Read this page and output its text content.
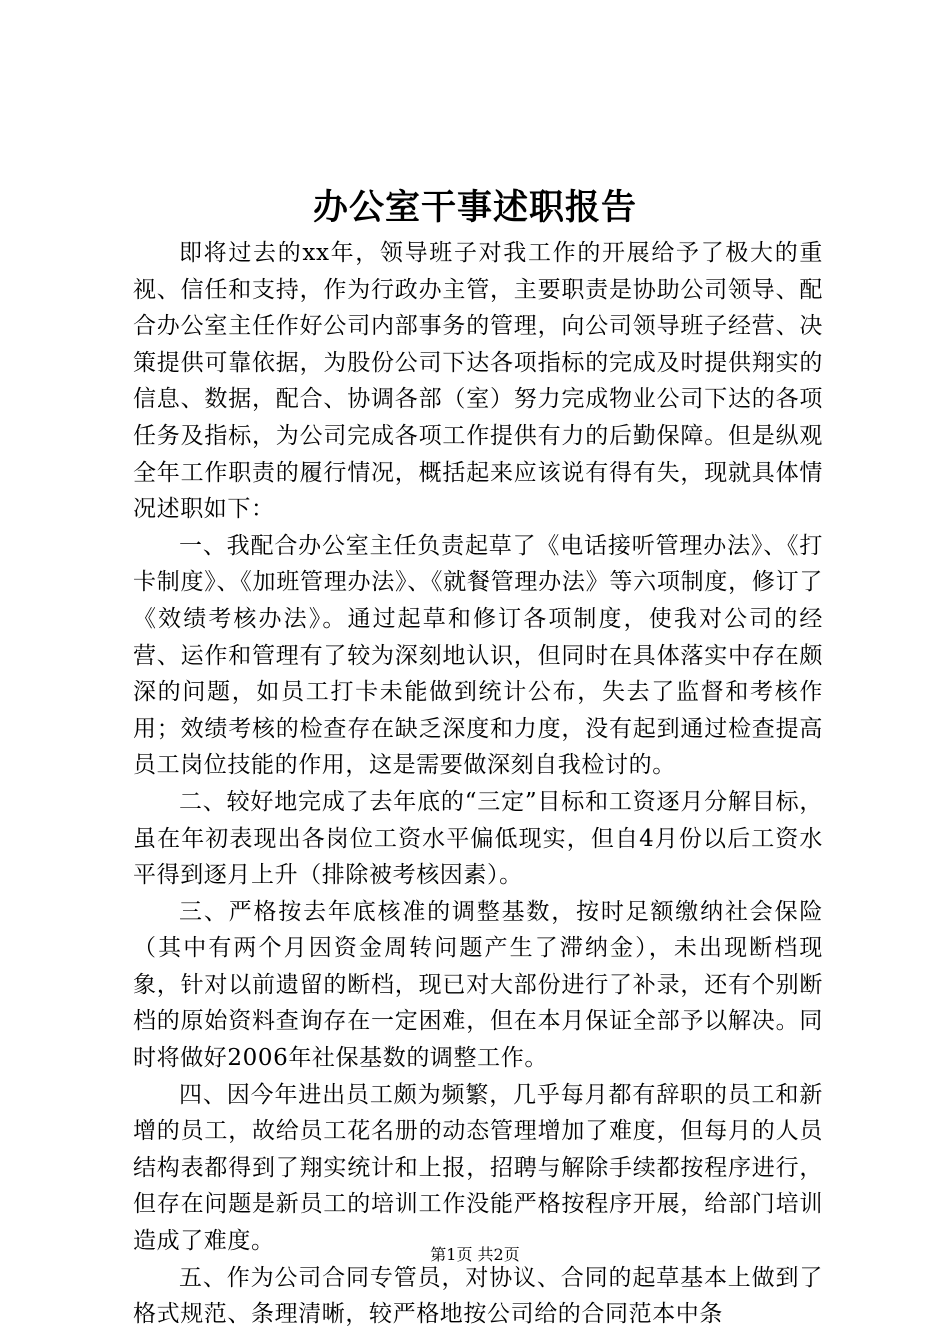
办公室干事述职报告

即将过去的xx年，领导班子对我工作的开展给予了极大的重视、信任和支持，作为行政办主管，主要职责是协助公司领导、配合办公室主任作好公司内部事务的管理，向公司领导班子经营、决策提供可靠依据，为股份公司下达各项指标的完成及时提供翔实的信息、数据，配合、协调各部（室）努力完成物业公司下达的各项任务及指标，为公司完成各项工作提供有力的后勤保障。但是纵观全年工作职责的履行情况，概括起来应该说有得有失，现就具体情况述职如下：

一、我配合办公室主任负责起草了《电话接听管理办法》、《打卡制度》、《加班管理办法》、《就餐管理办法》等六项制度，修订了《效绩考核办法》。通过起草和修订各项制度，使我对公司的经营、运作和管理有了较为深刻地认识，但同时在具体落实中存在颇深的问题，如员工打卡未能做到统计公布，失去了监督和考核作用；效绩考核的检查存在缺乏深度和力度，没有起到通过检查提高员工岗位技能的作用，这是需要做深刻自我检讨的。

二、较好地完成了去年底的“三定”目标和工资逐月分解目标，虽在年初表现出各岗位工资水平偏低现实，但自4月份以后工资水平得到逐月上升（排除被考核因素）。

三、严格按去年底核准的调整基数，按时足额缴纳社会保险（其中有两个月因资金周转问题产生了滞纳金），未出现断档现象，针对以前遗留的断档，现已对大部份进行了补录，还有个别断档的原始资料查询存在一定困难，但在本月保证全部予以解决。同时将做好2006年社保基数的调整工作。

四、因今年进出员工颇为频繁，几乎每月都有辞职的员工和新增的员工，故给员工花名册的动态管理增加了难度，但每月的人员结构表都得到了翔实统计和上报，招聘与解除手续都按程序进行，但存在问题是新员工的培训工作没能严格按程序开展，给部门培训造成了难度。

五、作为公司合同专管员，对协议、合同的起草基本上做到了格式规范、条理清晰，较严格地按公司给的合同范本中条

第1页 共2页
